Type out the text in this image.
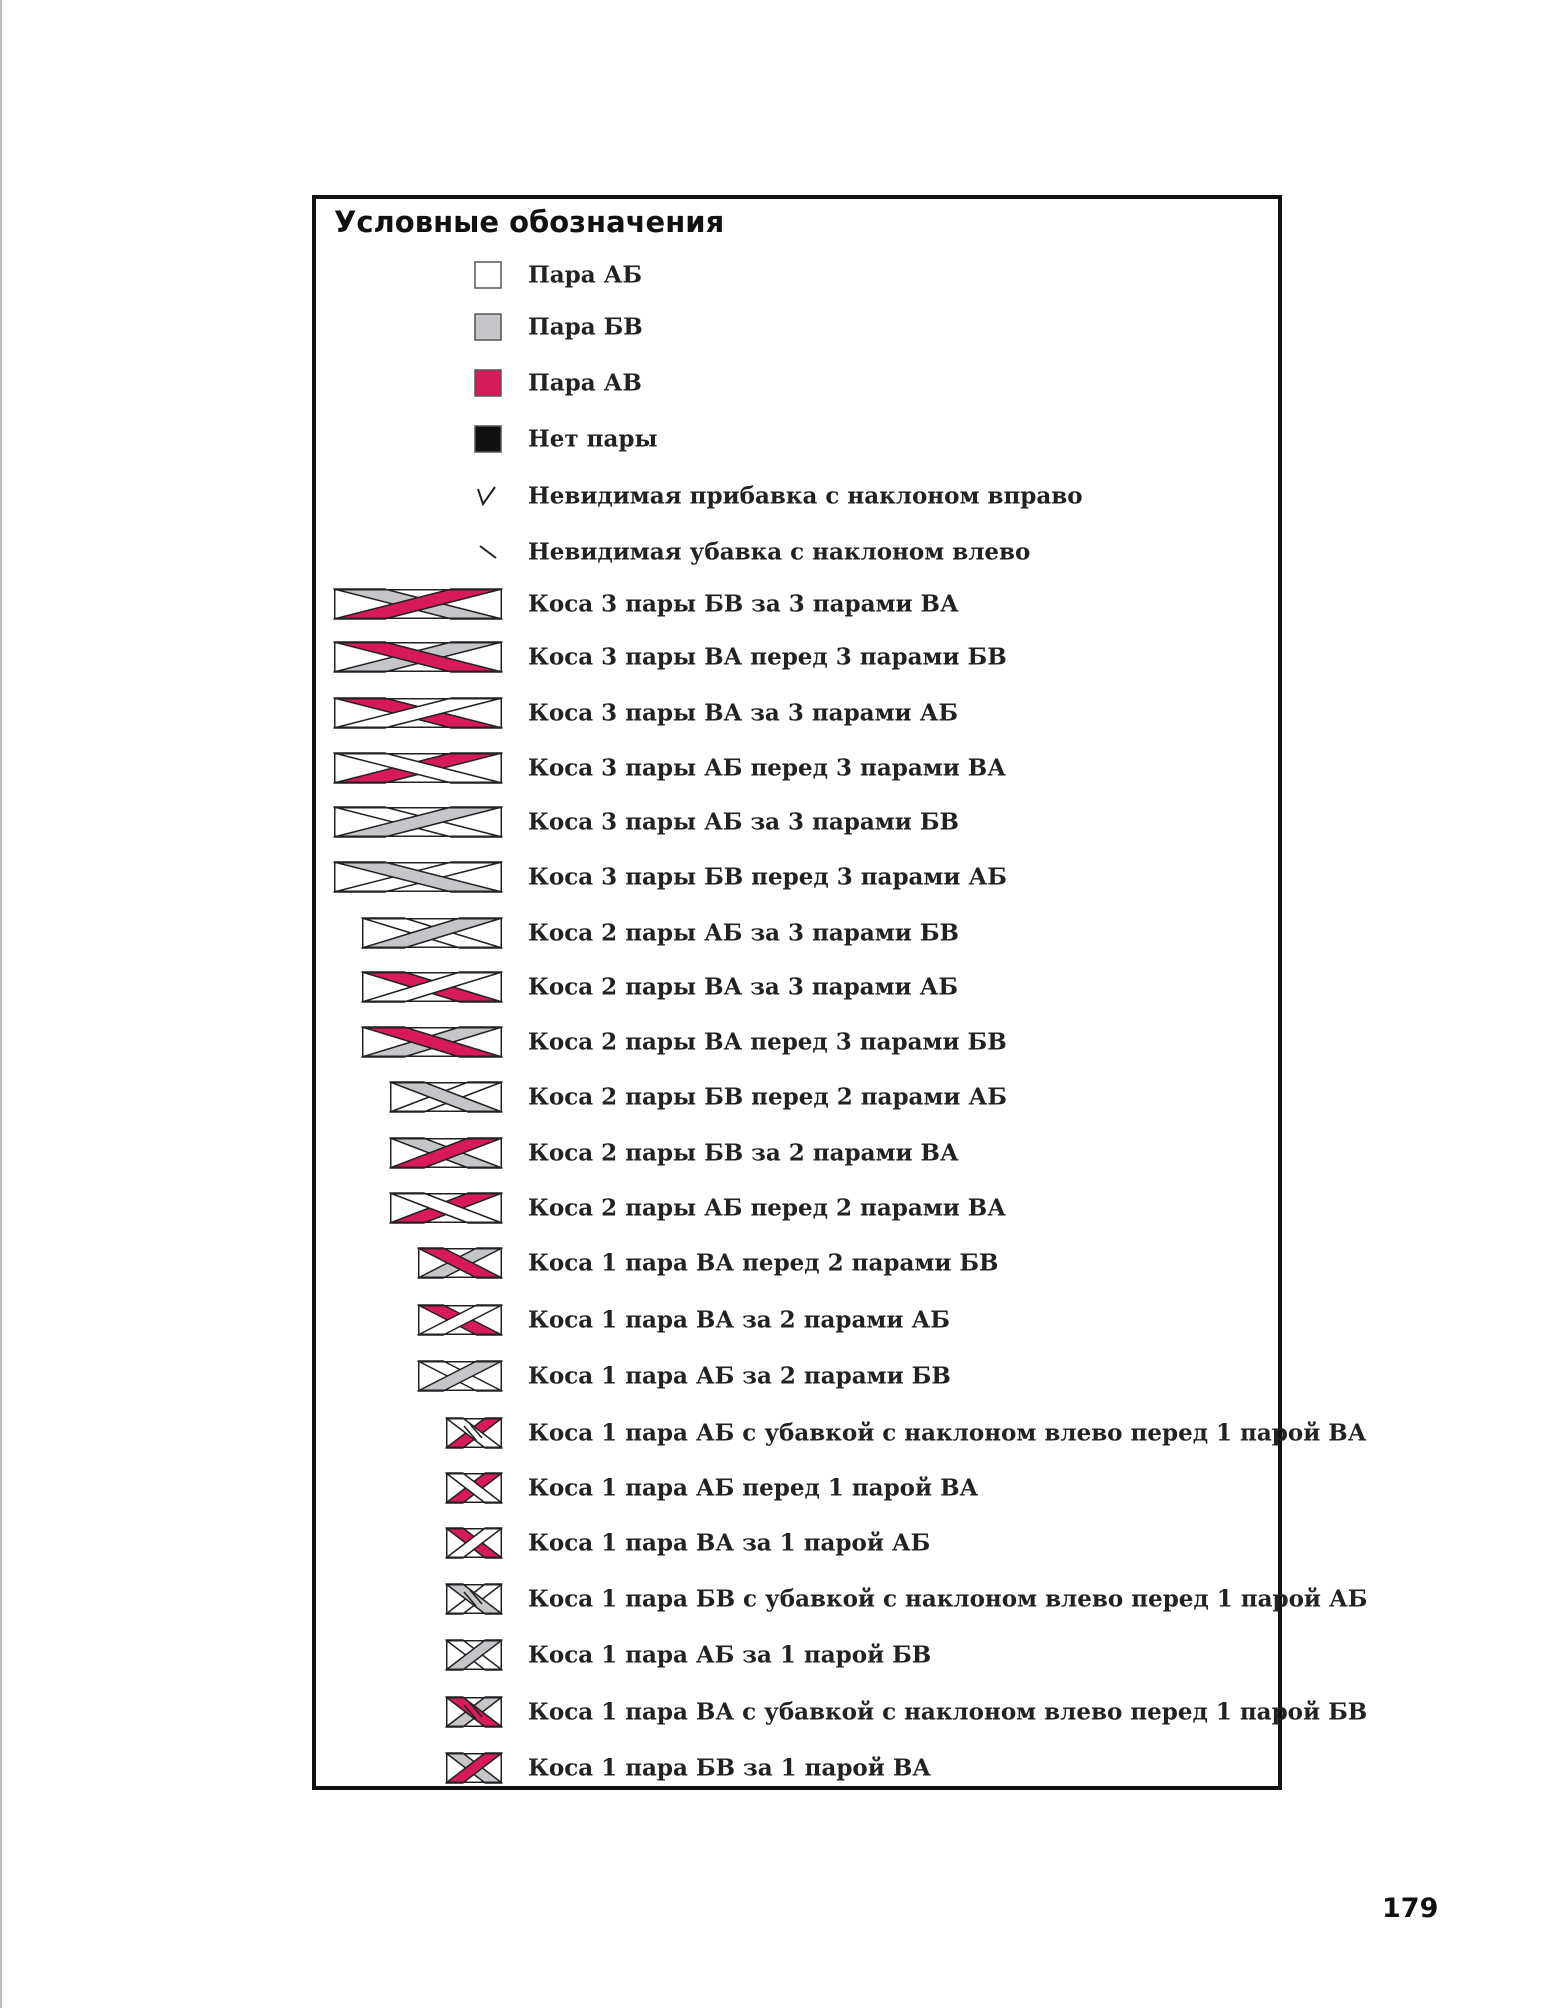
Условные обозначения
Пара АБ
Пара БВ
Пара АВ
Нет пары
Невидимая прибавка с наклоном вправо
Невидимая убавка с наклоном влево
Коса 3 пары БВ за 3 парами ВА
Коса 3 пары ВА перед 3 парами БВ
Коса 3 пары ВА за 3 парами АБ
Коса 3 пары АБ перед 3 парами ВА
Коса 3 пары АБ за 3 парами БВ
Коса 3 пары БВ перед 3 парами АБ
Коса 2 пары АБ за 3 парами БВ
Коса 2 пары ВА за 3 парами АБ
Коса 2 пары ВА перед 3 парами БВ
Коса 2 пары БВ перед 2 парами АБ
Коса 2 пары БВ за 2 парами ВА
Коса 2 пары АБ перед 2 парами ВА
Коса 1 пара ВА перед 2 парами БВ
Коса 1 пара ВА за 2 парами АБ
Коса 1 пара АБ за 2 парами БВ
Коса 1 пара АБ с убавкой с наклоном влево перед 1 парой ВА
Коса 1 пара АБ перед 1 парой ВА
Коса 1 пара ВА за 1 парой АБ
Коса 1 пара БВ с убавкой с наклоном влево перед 1 парой АБ
Коса 1 пара АБ за 1 парой БВ
Коса 1 пара ВА с убавкой с наклоном влево перед 1 парой БВ
Коса 1 пара БВ за 1 парой ВА
179
